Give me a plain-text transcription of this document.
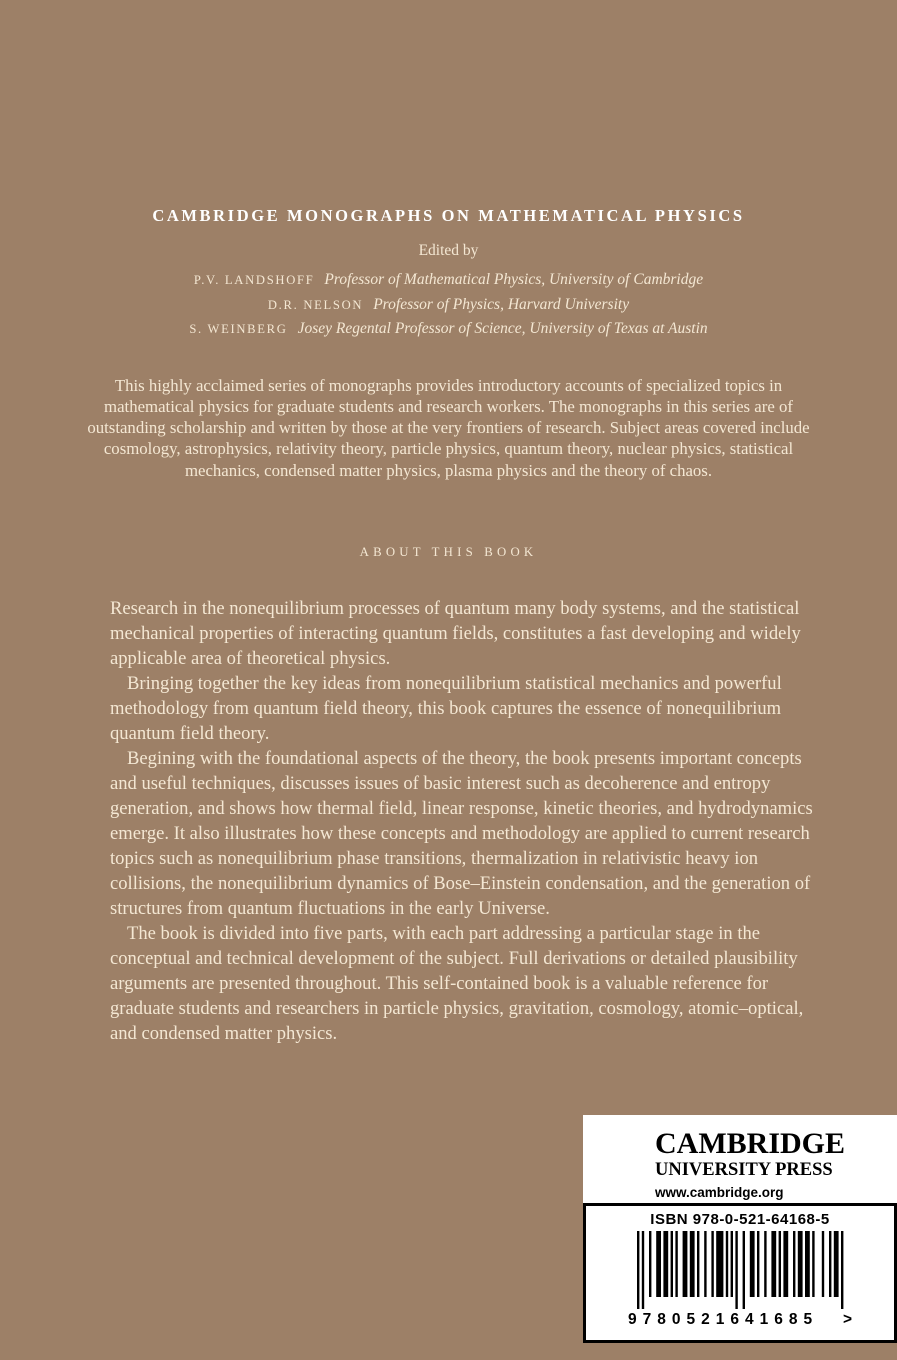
CAMBRIDGE MONOGRAPHS ON MATHEMATICAL PHYSICS
Edited by
P.V. LANDSHOFF Professor of Mathematical Physics, University of Cambridge
D.R. NELSON Professor of Physics, Harvard University
S. WEINBERG Josey Regental Professor of Science, University of Texas at Austin

This highly acclaimed series of monographs provides introductory accounts of specialized topics in mathematical physics for graduate students and research workers. The monographs in this series are of outstanding scholarship and written by those at the very frontiers of research. Subject areas covered include cosmology, astrophysics, relativity theory, particle physics, quantum theory, nuclear physics, statistical mechanics, condensed matter physics, plasma physics and the theory of chaos.

ABOUT THIS BOOK

Research in the nonequilibrium processes of quantum many body systems, and the statistical mechanical properties of interacting quantum fields, constitutes a fast developing and widely applicable area of theoretical physics.

Bringing together the key ideas from nonequilibrium statistical mechanics and powerful methodology from quantum field theory, this book captures the essence of nonequilibrium quantum field theory.

Begining with the foundational aspects of the theory, the book presents important concepts and useful techniques, discusses issues of basic interest such as decoherence and entropy generation, and shows how thermal field, linear response, kinetic theories, and hydrodynamics emerge. It also illustrates how these concepts and methodology are applied to current research topics such as nonequilibrium phase transitions, thermalization in relativistic heavy ion collisions, the nonequilibrium dynamics of Bose–Einstein condensation, and the generation of structures from quantum fluctuations in the early Universe.

The book is divided into five parts, with each part addressing a particular stage in the conceptual and technical development of the subject. Full derivations or detailed plausibility arguments are presented throughout. This self-contained book is a valuable reference for graduate students and researchers in particle physics, gravitation, cosmology, atomic–optical, and condensed matter physics.

CAMBRIDGE
UNIVERSITY PRESS
www.cambridge.org
ISBN 978-0-521-64168-5
9780521641685 >
